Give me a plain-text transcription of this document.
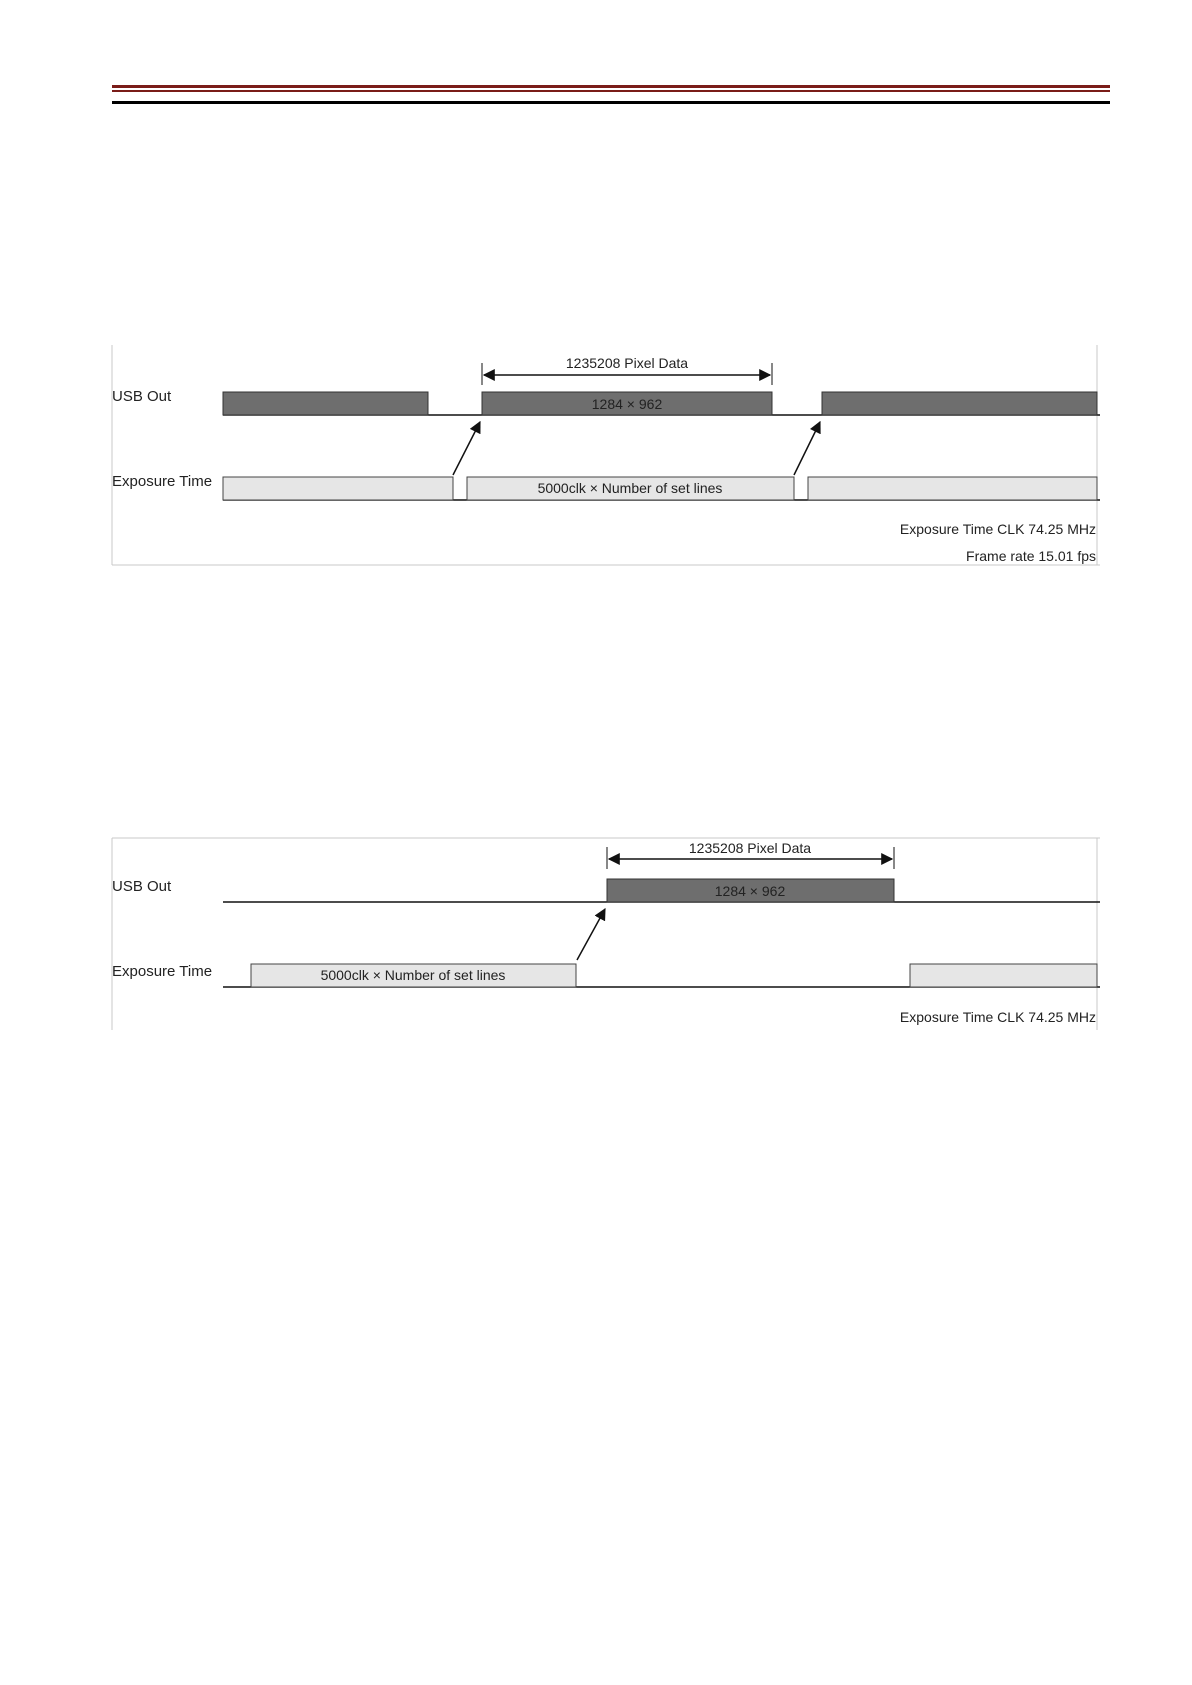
USB Out
Exposure Time
1284 × 962
1235208 Pixel Data
5000clk × Number of set lines
Exposure Time CLK 74.25 MHz
Frame rate 15.01 fps
USB Out
Exposure Time
1284 × 962
1235208 Pixel Data
5000clk × Number of set lines
Exposure Time CLK 74.25 MHz
